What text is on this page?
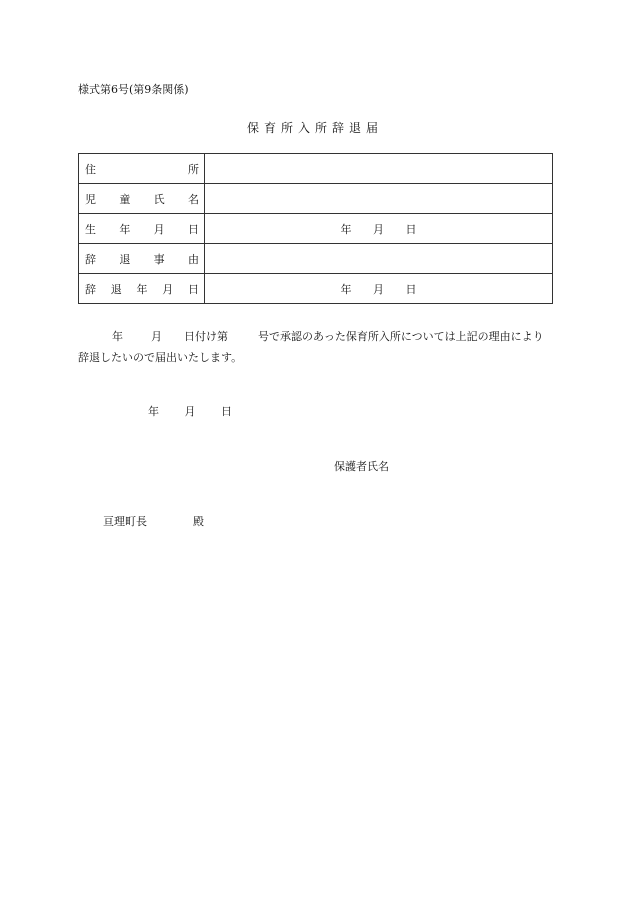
様式第6号(第9条関係)
保育所入所辞退届
住 所	

児 童 氏 名	

生 年 月 日	年 月 日

辞 退 事 由	

辞 退 年 月 日	年 月 日
年	月 日付け第	号で承認のあった保育所入所については上記の理由により辞退したいので届出いたします。
年 月 日
保護者氏名
亘理町長	殿
